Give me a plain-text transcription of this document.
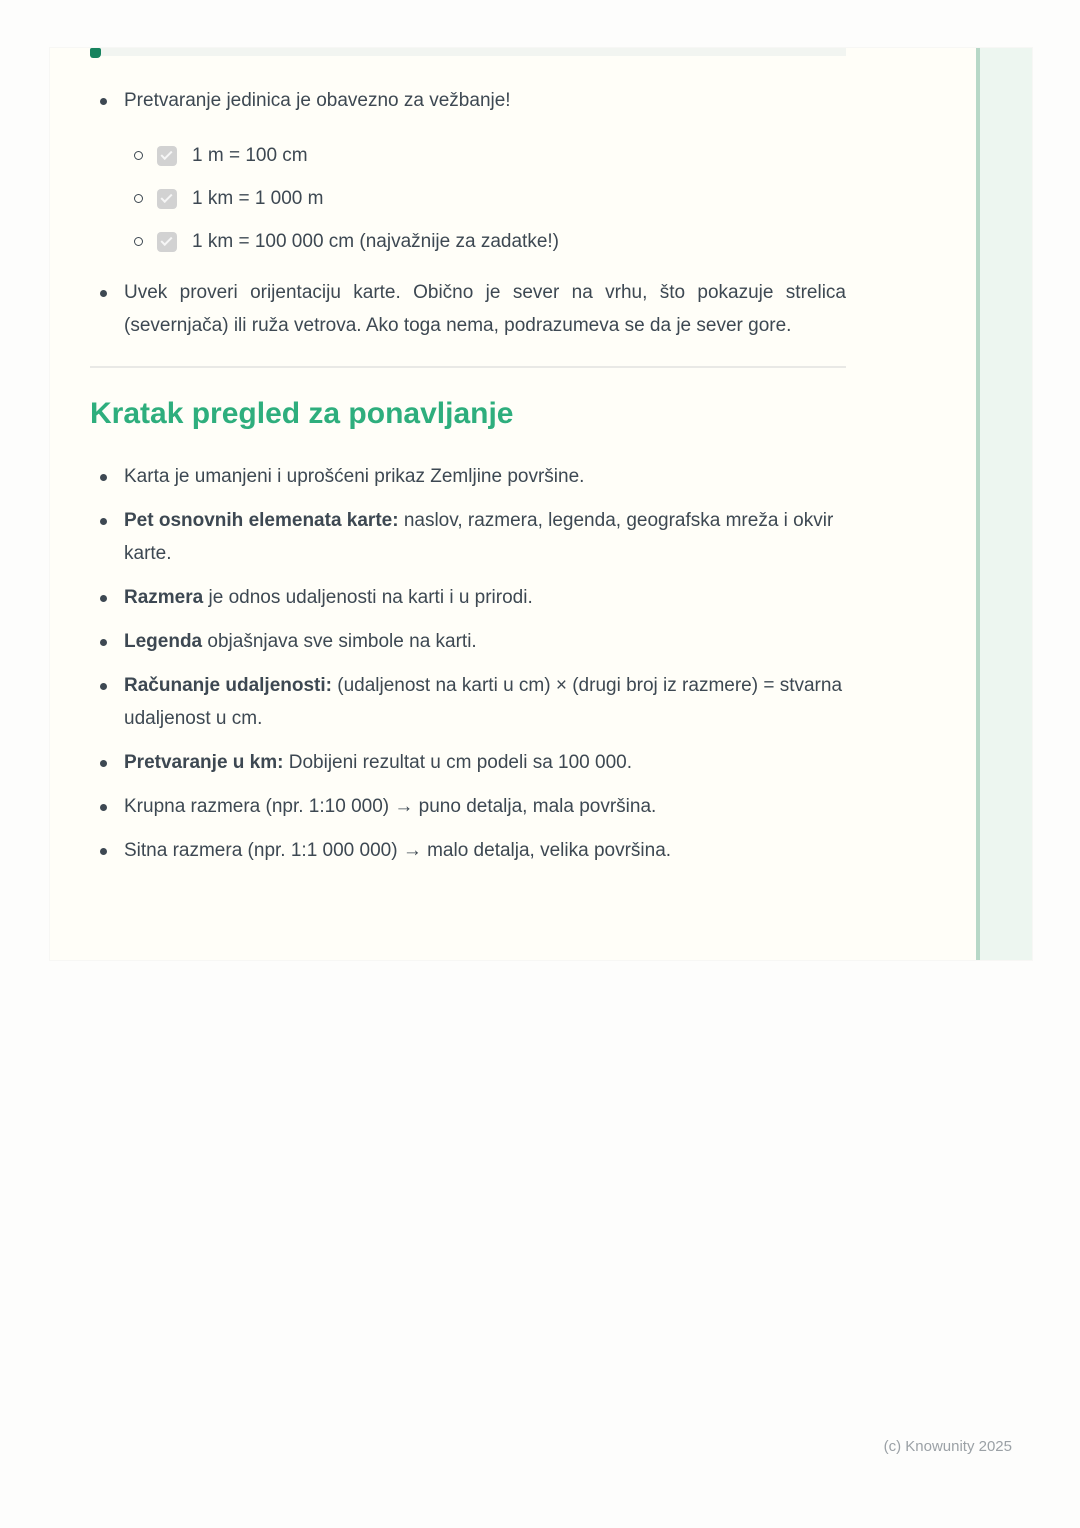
Pretvaranje jedinica je obavezno za vežbanje!
1 m = 100 cm
1 km = 1 000 m
1 km = 100 000 cm (najvažnije za zadatke!)
Uvek proveri orijentaciju karte. Obično je sever na vrhu, što pokazuje strelica (severnjača) ili ruža vetrova. Ako toga nema, podrazumeva se da je sever gore.
Kratak pregled za ponavljanje
Karta je umanjeni i uprošćeni prikaz Zemljine površine.
Pet osnovnih elemenata karte: naslov, razmera, legenda, geografska mreža i okvir karte.
Razmera je odnos udaljenosti na karti i u prirodi.
Legenda objašnjava sve simbole na karti.
Računanje udaljenosti: (udaljenost na karti u cm) × (drugi broj iz razmere) = stvarna udaljenost u cm.
Pretvaranje u km: Dobijeni rezultat u cm podeli sa 100 000.
Krupna razmera (npr. 1:10 000) → puno detalja, mala površina.
Sitna razmera (npr. 1:1 000 000) → malo detalja, velika površina.
(c) Knowunity 2025
